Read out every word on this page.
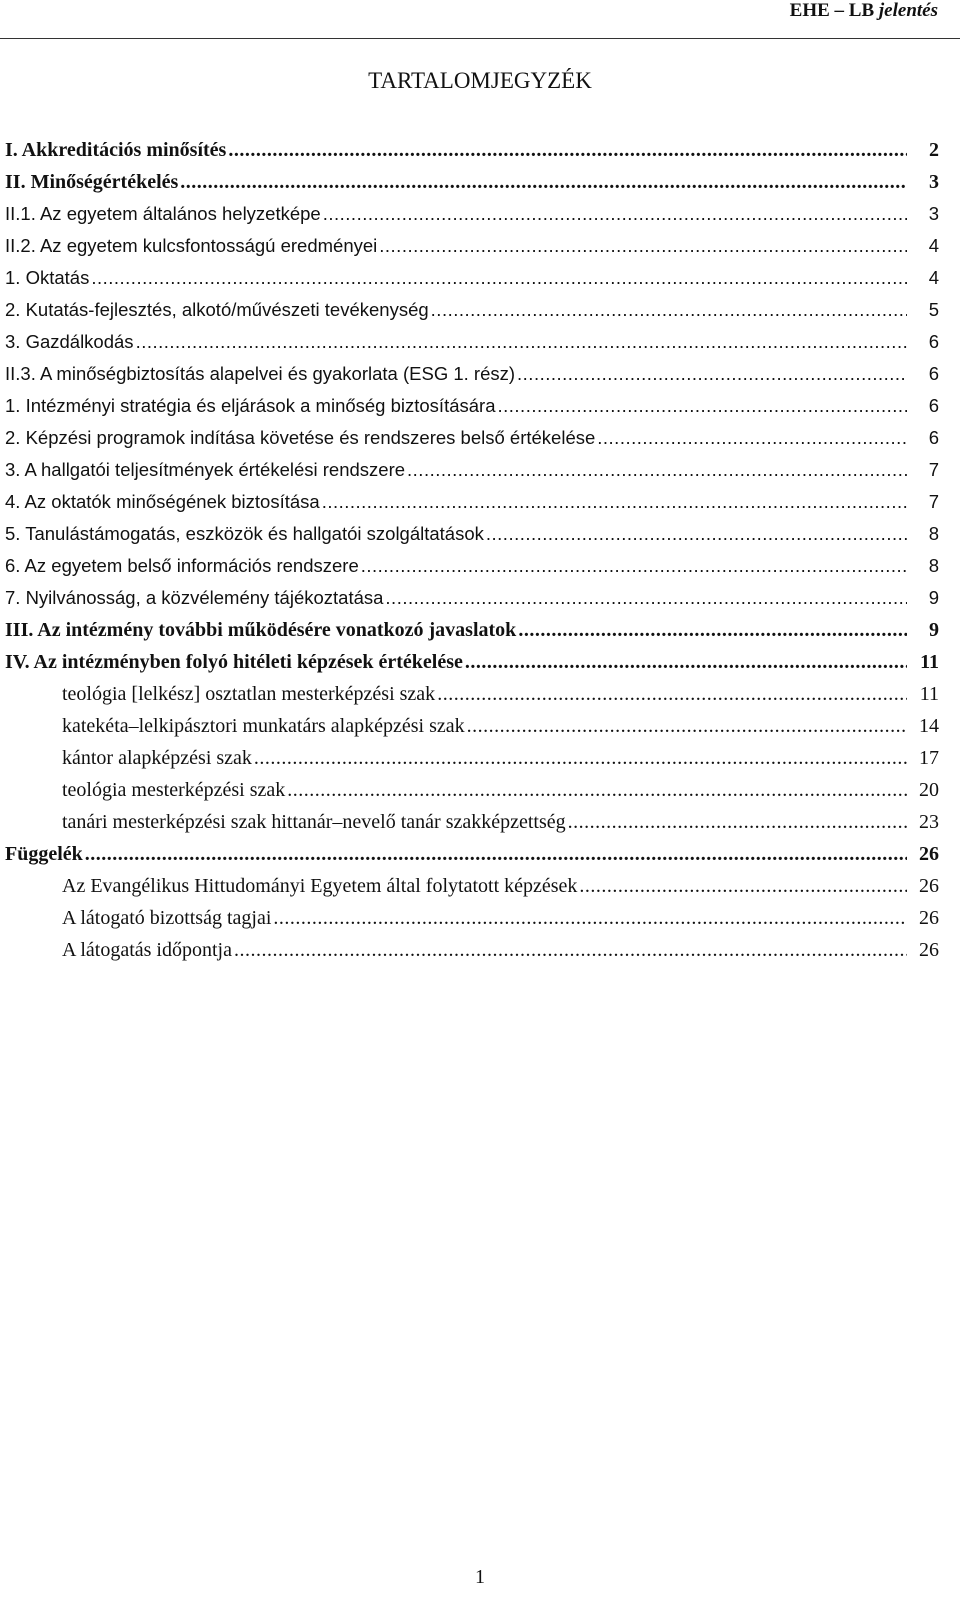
EHE – LB jelentés
TARTALOMJEGYZÉK
I. Akkreditációs minősítés .....	2
II. Minőségértékelés .....	3
II.1. Az egyetem általános helyzetképe .....	3
II.2. Az egyetem kulcsfontosságú eredményei .....	4
1. Oktatás .....	4
2. Kutatás-fejlesztés, alkotó/művészeti tevékenység .....	5
3. Gazdálkodás .....	6
II.3. A minőségbiztosítás alapelvei és gyakorlata (ESG 1. rész) .....	6
1. Intézményi stratégia és eljárások a minőség biztosítására .....	6
2. Képzési programok indítása követése és rendszeres belső értékelése .....	6
3. A hallgatói teljesítmények értékelési rendszere .....	7
4. Az oktatók minőségének biztosítása .....	7
5. Tanulástámogatás, eszközök és hallgatói szolgáltatások .....	8
6. Az egyetem belső információs rendszere .....	8
7. Nyilvánosság, a közvélemény tájékoztatása .....	9
III. Az intézmény további működésére vonatkozó javaslatok .....	9
IV. Az intézményben folyó hitéleti képzések értékelése .....	11
teológia [lelkész] osztatlan mesterképzési szak .....	11
katekéta–lelkipásztori munkatárs alapképzési szak .....	14
kántor alapképzési szak .....	17
teológia mesterképzési szak .....	20
tanári mesterképzési szak hittanár–nevelő tanár szakképzettség .....	23
Függelék .....	26
Az Evangélikus Hittudományi Egyetem által folytatott képzések .....	26
A látogató bizottság tagjai .....	26
A látogatás időpontja .....	26
1
